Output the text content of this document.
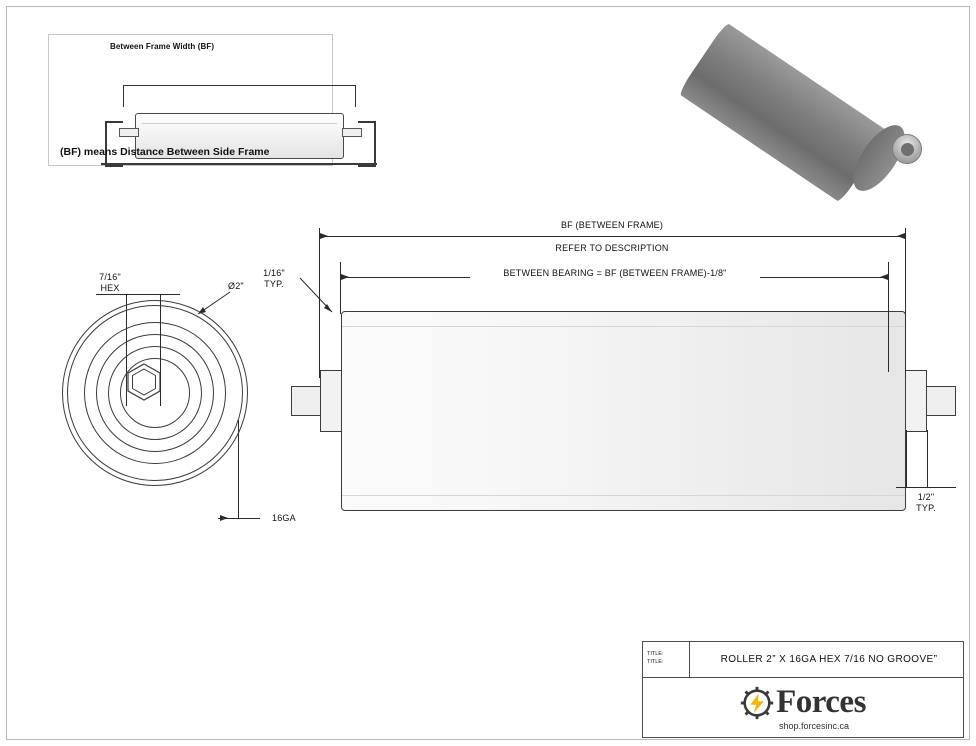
Between Frame Width (BF)
(BF) means Distance Between Side Frame
7/16"
HEX	Ø2"
16GA
BF (BETWEEN FRAME)
REFER TO DESCRIPTION
BETWEEN BEARING = BF (BETWEEN FRAME)-1/8"
1/16"
TYP.
1/2"
TYP.
TITLE:
TITLE:	ROLLER 2” X 16GA HEX 7/16 NO GROOVE”
Forces
shop.forcesinc.ca
